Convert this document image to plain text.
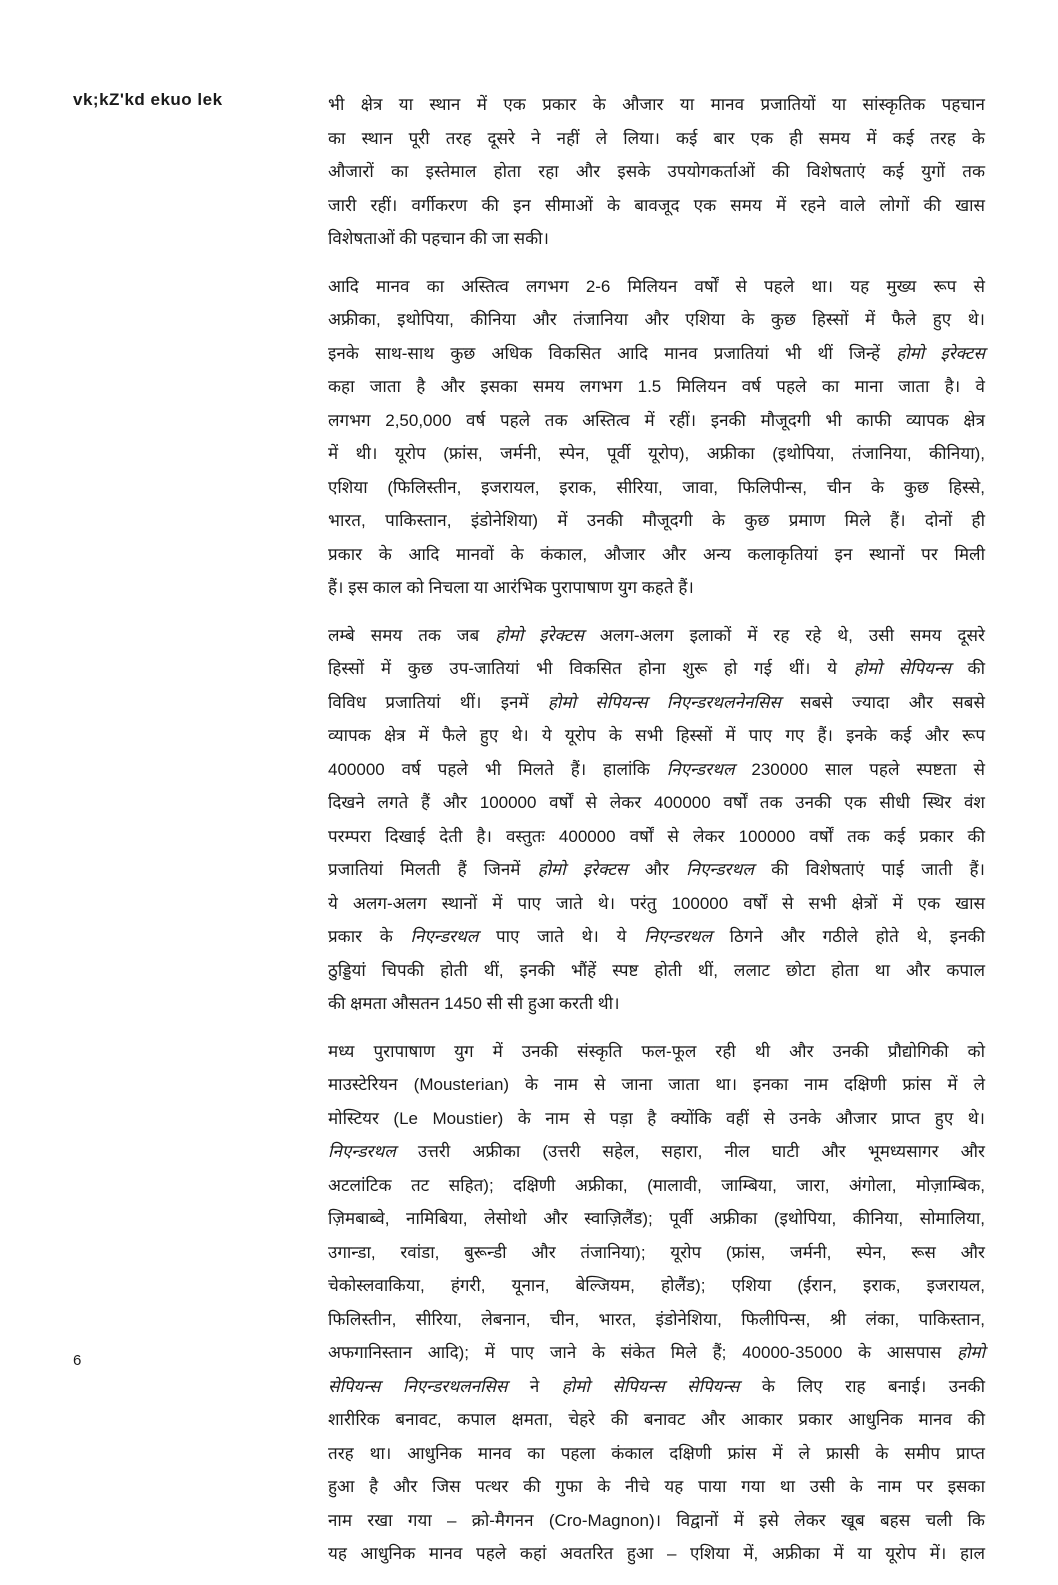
vk;kZ'kd ekuo lek	भी क्षेत्र या स्थान में एक प्रकार के औजार या मानव प्रजातियों या सांस्कृतिक पहचान
का स्थान पूरी तरह दूसरे ने नहीं ले लिया। कई बार एक ही समय में कई तरह के
औजारों का इस्तेमाल होता रहा और इसके उपयोगकर्ताओं की विशेषताएं कई युगों तक
जारी रहीं। वर्गीकरण की इन सीमाओं के बावजूद एक समय में रहने वाले लोगों की खास
विशेषताओं की पहचान की जा सकी।
आदि मानव का अस्तित्व लगभग 2-6 मिलियन वर्षों से पहले था। यह मुख्य रूप से
अफ्रीका, इथोपिया, कीनिया और तंजानिया और एशिया के कुछ हिस्सों में फैले हुए थे।
इनके साथ-साथ कुछ अधिक विकसित आदि मानव प्रजातियां भी थीं जिन्हें होमो इरेक्टस
कहा जाता है और इसका समय लगभग 1.5 मिलियन वर्ष पहले का माना जाता है। वे
लगभग 2,50,000 वर्ष पहले तक अस्तित्व में रहीं। इनकी मौजूदगी भी काफी व्यापक क्षेत्र
में थी। यूरोप (फ्रांस, जर्मनी, स्पेन, पूर्वी यूरोप), अफ्रीका (इथोपिया, तंजानिया, कीनिया),
एशिया (फिलिस्तीन, इजरायल, इराक, सीरिया, जावा, फिलिपीन्स, चीन के कुछ हिस्से,
भारत, पाकिस्तान, इंडोनेशिया) में उनकी मौजूदगी के कुछ प्रमाण मिले हैं। दोनों ही
प्रकार के आदि मानवों के कंकाल, औजार और अन्य कलाकृतियां इन स्थानों पर मिली
हैं। इस काल को निचला या आरंभिक पुरापाषाण युग कहते हैं।
लम्बे समय तक जब होमो इरेक्टस अलग-अलग इलाकों में रह रहे थे, उसी समय दूसरे
हिस्सों में कुछ उप-जातियां भी विकसित होना शुरू हो गई थीं। ये होमो सेपियन्स की
विविध प्रजातियां थीं। इनमें होमो सेपियन्स निएन्डरथलनेनसिस सबसे ज्यादा और सबसे
व्यापक क्षेत्र में फैले हुए थे। ये यूरोप के सभी हिस्सों में पाए गए हैं। इनके कई और रूप
400000 वर्ष पहले भी मिलते हैं। हालांकि निएन्डरथल 230000 साल पहले स्पष्टता से
दिखने लगते हैं और 100000 वर्षों से लेकर 400000 वर्षों तक उनकी एक सीधी स्थिर वंश
परम्परा दिखाई देती है। वस्तुतः 400000 वर्षों से लेकर 100000 वर्षों तक कई प्रकार की
प्रजातियां मिलती हैं जिनमें होमो इरेक्टस और निएन्डरथल की विशेषताएं पाई जाती हैं।
ये अलग-अलग स्थानों में पाए जाते थे। परंतु 100000 वर्षों से सभी क्षेत्रों में एक खास
प्रकार के निएन्डरथल पाए जाते थे। ये निएन्डरथल ठिगने और गठीले होते थे, इनकी
ठुड्डियां चिपकी होती थीं, इनकी भौंहें स्पष्ट होती थीं, ललाट छोटा होता था और कपाल
की क्षमता औसतन 1450 सी सी हुआ करती थी।
मध्य पुरापाषाण युग में उनकी संस्कृति फल-फूल रही थी और उनकी प्रौद्योगिकी को
माउस्टेरियन (Mousterian) के नाम से जाना जाता था। इनका नाम दक्षिणी फ्रांस में ले
मोस्टियर (Le Moustier) के नाम से पड़ा है क्योंकि वहीं से उनके औजार प्राप्त हुए थे।
निएन्डरथल उत्तरी अफ्रीका (उत्तरी सहेल, सहारा, नील घाटी और भूमध्यसागर और
अटलांटिक तट सहित); दक्षिणी अफ्रीका, (मालावी, जाम्बिया, जारा, अंगोला, मोज़ाम्बिक,
ज़िमबाब्वे, नामिबिया, लेसोथो और स्वाज़िलैंड); पूर्वी अफ्रीका (इथोपिया, कीनिया, सोमालिया,
उगान्डा, रवांडा, बुरून्डी और तंजानिया); यूरोप (फ्रांस, जर्मनी, स्पेन, रूस और
चेकोस्लवाकिया, हंगरी, यूनान, बेल्जियम, होलैंड); एशिया (ईरान, इराक, इजरायल,
फिलिस्तीन, सीरिया, लेबनान, चीन, भारत, इंडोनेशिया, फिलीपिन्स, श्री लंका, पाकिस्तान,
अफगानिस्तान आदि); में पाए जाने के संकेत मिले हैं; 40000-35000 के आसपास होमो
सेपियन्स निएन्डरथलनसिस ने होमो सेपियन्स सेपियन्स के लिए राह बनाई। उनकी
शारीरिक बनावट, कपाल क्षमता, चेहरे की बनावट और आकार प्रकार आधुनिक मानव की
तरह था। आधुनिक मानव का पहला कंकाल दक्षिणी फ्रांस में ले फ्रासी के समीप प्राप्त
हुआ है और जिस पत्थर की गुफा के नीचे यह पाया गया था उसी के नाम पर इसका
नाम रखा गया – क्रो-मैगनन (Cro-Magnon)। विद्वानों में इसे लेकर खूब बहस चली कि
यह आधुनिक मानव पहले कहां अवतरित हुआ – एशिया में, अफ्रीका में या यूरोप में। हाल
6
